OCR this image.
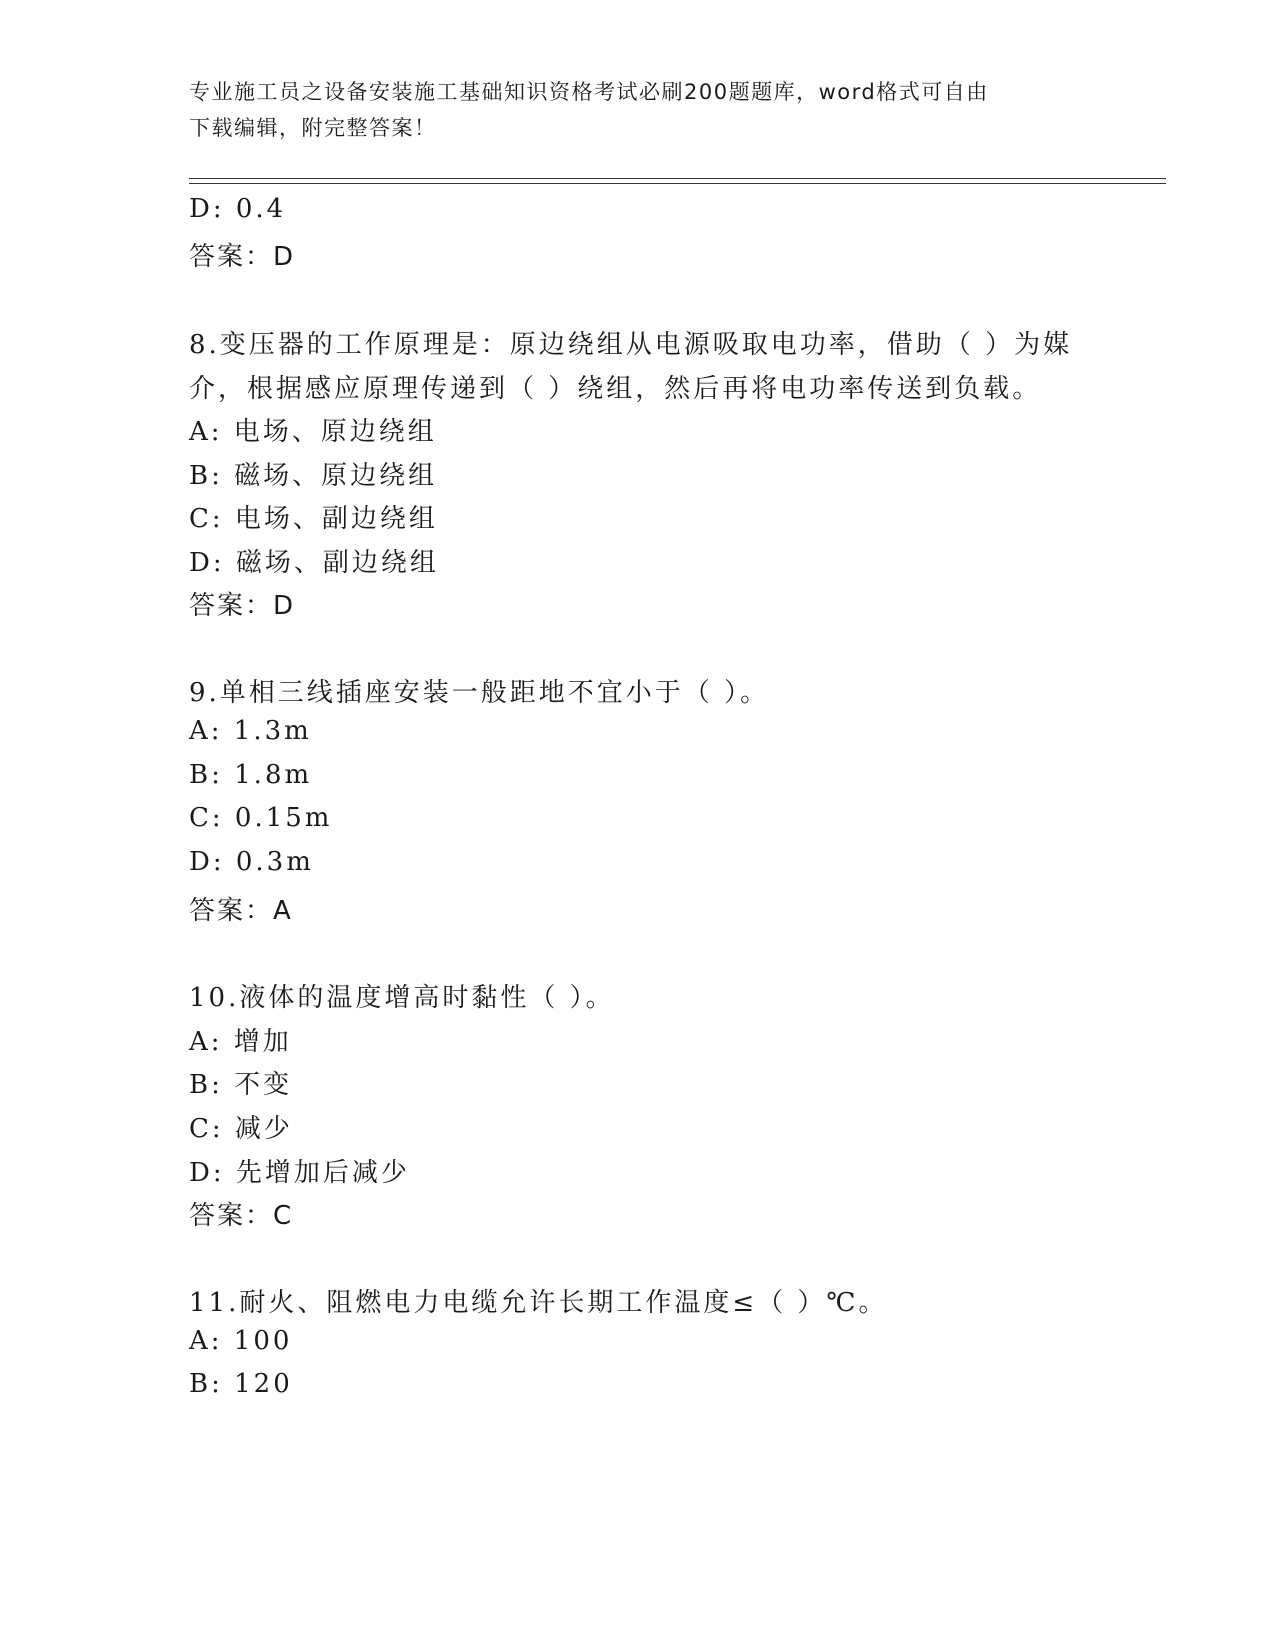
专业施工员之设备安装施工基础知识资格考试必刷200题题库，word格式可自由
下载编辑，附完整答案！
D: 0.4
答案：D
8.变压器的工作原理是：原边绕组从电源吸取电功率，借助（ ）为媒
介，根据感应原理传递到（ ）绕组，然后再将电功率传送到负载。
A: 电场、原边绕组
B: 磁场、原边绕组
C: 电场、副边绕组
D: 磁场、副边绕组
答案：D
9.单相三线插座安装一般距地不宜小于（ ）。
A: 1.3m
B: 1.8m
C: 0.15m
D: 0.3m
答案：A
10.液体的温度增高时黏性（ ）。
A: 增加
B: 不变
C: 减少
D: 先增加后减少
答案：C
11.耐火、阻燃电力电缆允许长期工作温度≤（ ）℃。
A: 100
B: 120
